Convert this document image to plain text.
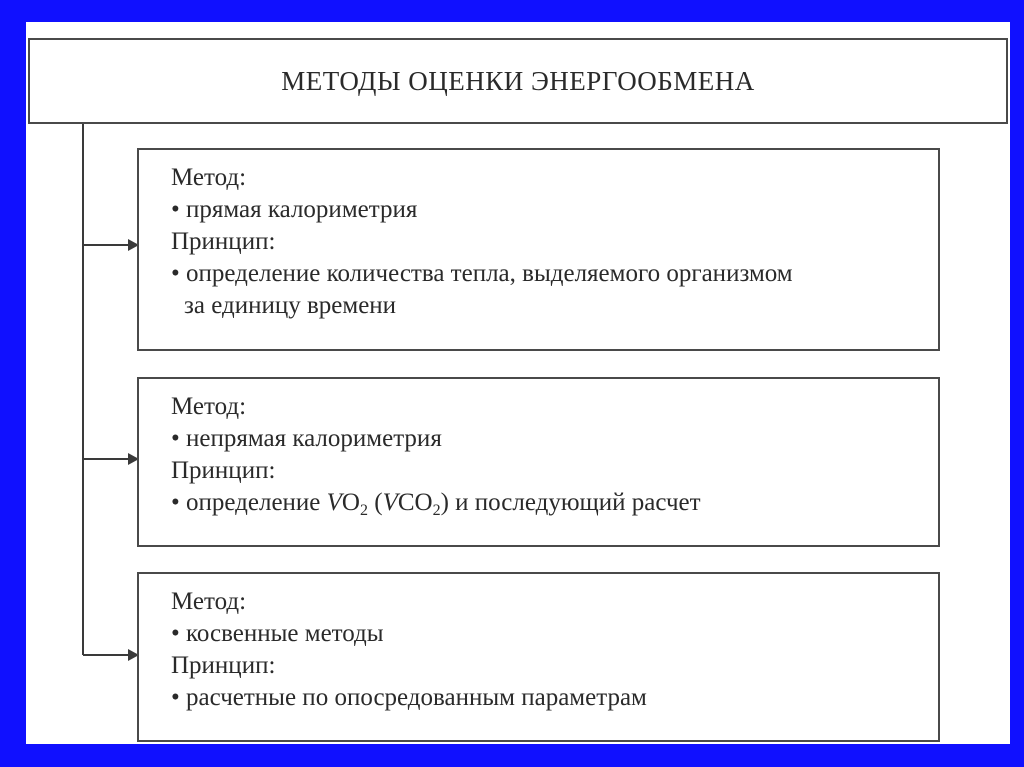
МЕТОДЫ ОЦЕНКИ ЭНЕРГООБМЕНА

Метод:

• прямая калориметрия

Принцип:

• определение количества тепла, выделяемого организмом

за единицу времени

Метод:

• непрямая калориметрия

Принцип:

• определение $VO_2$ $(VCO_2)$ и последующий расчет

Метод:

• косвенные методы

Принцип:

• расчетные по опосредованным параметрам
